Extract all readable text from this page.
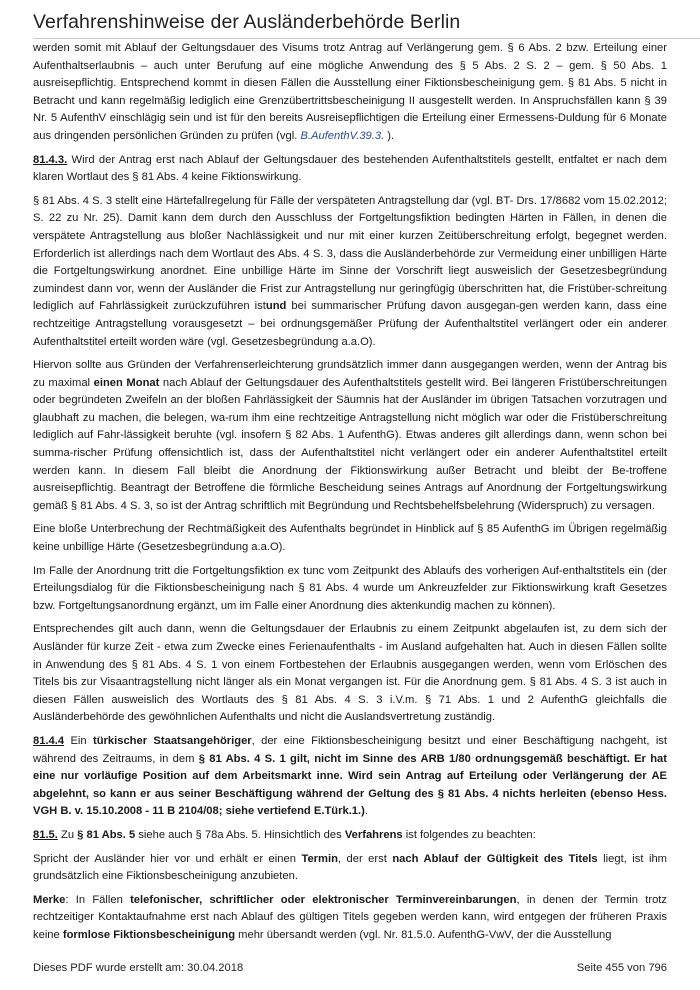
Verfahrenshinweise der Ausländerbehörde Berlin

werden somit mit Ablauf der Geltungsdauer des Visums trotz Antrag auf Verlängerung gem. § 6 Abs. 2 bzw. Erteilung einer Aufenthaltserlaubnis – auch unter Berufung auf eine mögliche Anwendung des § 5 Abs. 2 S. 2 – gem. § 50 Abs. 1 ausreisepflichtig. Entsprechend kommt in diesen Fällen die Ausstellung einer Fiktionsbescheinigung gem. § 81 Abs. 5 nicht in Betracht und kann regelmäßig lediglich eine Grenzübertrittsbescheinigung II ausgestellt werden. In Anspruchsfällen kann § 39 Nr. 5 AufenthV einschlägig sein und ist für den bereits Ausreisepflichtigen die Erteilung einer Ermessens-Duldung für 6 Monate aus dringenden persönlichen Gründen zu prüfen (vgl. B.AufenthV.39.3. ).

81.4.3. Wird der Antrag erst nach Ablauf der Geltungsdauer des bestehenden Aufenthaltstitels gestellt, entfaltet er nach dem klaren Wortlaut des § 81 Abs. 4 keine Fiktionswirkung.

§ 81 Abs. 4 S. 3 stellt eine Härtefallregelung für Fälle der verspäteten Antragstellung dar (vgl. BT- Drs. 17/8682 vom 15.02.2012; S. 22 zu Nr. 25). Damit kann dem durch den Ausschluss der Fortgeltungsfiktion bedingten Härten in Fällen, in denen die verspätete Antragstellung aus bloßer Nachlässigkeit und nur mit einer kurzen Zeitüberschreitung erfolgt, begegnet werden. Erforderlich ist allerdings nach dem Wortlaut des Abs. 4 S. 3, dass die Ausländerbehörde zur Vermeidung einer unbilligen Härte die Fortgeltungswirkung anordnet. Eine unbillige Härte im Sinne der Vorschrift liegt ausweislich der Gesetzesbegründung zumindest dann vor, wenn der Ausländer die Frist zur Antragstellung nur geringfügig überschritten hat, die Fristüber-schreitung lediglich auf Fahrlässigkeit zurückzuführen istund bei summarischer Prüfung davon ausgegan-gen werden kann, dass eine rechtzeitige Antragstellung vorausgesetzt – bei ordnungsgemäßer Prüfung der Aufenthaltstitel verlängert oder ein anderer Aufenthaltstitel erteilt worden wäre (vgl. Gesetzesbegründung a.a.O).

Hiervon sollte aus Gründen der Verfahrenserleichterung grundsätzlich immer dann ausgegangen werden, wenn der Antrag bis zu maximal einen Monat nach Ablauf der Geltungsdauer des Aufenthaltstitels gestellt wird. Bei längeren Fristüberschreitungen oder begründeten Zweifeln an der bloßen Fahrlässigkeit der Säumnis hat der Ausländer im übrigen Tatsachen vorzutragen und glaubhaft zu machen, die belegen, wa-rum ihm eine rechtzeitige Antragstellung nicht möglich war oder die Fristüberschreitung lediglich auf Fahr-lässigkeit beruhte (vgl. insofern § 82 Abs. 1 AufenthG). Etwas anderes gilt allerdings dann, wenn schon bei summa-rischer Prüfung offensichtlich ist, dass der Aufenthaltstitel nicht verlängert oder ein anderer Aufenthaltstitel erteilt werden kann. In diesem Fall bleibt die Anordnung der Fiktionswirkung außer Betracht und bleibt der Be-troffene ausreisepflichtig. Beantragt der Betroffene die förmliche Bescheidung seines Antrags auf Anordnung der Fortgeltungswirkung gemäß § 81 Abs. 4 S. 3, so ist der Antrag schriftlich mit Begründung und Rechtsbehelfsbelehrung (Widerspruch) zu versagen.

Eine bloße Unterbrechung der Rechtmäßigkeit des Aufenthalts begründet in Hinblick auf § 85 AufenthG im Übrigen regelmäßig keine unbillige Härte (Gesetzesbegründung a.a.O).

Im Falle der Anordnung tritt die Fortgeltungsfiktion ex tunc vom Zeitpunkt des Ablaufs des vorherigen Auf-enthaltstitels ein (der Erteilungsdialog für die Fiktionsbescheinigung nach § 81 Abs. 4 wurde um Ankreuzfelder zur Fiktionswirkung kraft Gesetzes bzw. Fortgeltungsanordnung ergänzt, um im Falle einer Anordnung dies aktenkundig machen zu können).

Entsprechendes gilt auch dann, wenn die Geltungsdauer der Erlaubnis zu einem Zeitpunkt abgelaufen ist, zu dem sich der Ausländer für kurze Zeit - etwa zum Zwecke eines Ferienaufenthalts - im Ausland aufgehalten hat. Auch in diesen Fällen sollte in Anwendung des § 81 Abs. 4 S. 1 von einem Fortbestehen der Erlaubnis ausgegangen werden, wenn vom Erlöschen des Titels bis zur Visaantragstellung nicht länger als ein Monat vergangen ist. Für die Anordnung gem. § 81 Abs. 4 S. 3 ist auch in diesen Fällen ausweislich des Wortlauts des § 81 Abs. 4 S. 3 i.V.m. § 71 Abs. 1 und 2 AufenthG gleichfalls die Ausländerbehörde des gewöhnlichen Aufenthalts und nicht die Auslandsvertretung zuständig.

81.4.4 Ein türkischer Staatsangehöriger, der eine Fiktionsbescheinigung besitzt und einer Beschäftigung nachgeht, ist während des Zeitraums, in dem § 81 Abs. 4 S. 1 gilt, nicht im Sinne des ARB 1/80 ordnungsgemäß beschäftigt. Er hat eine nur vorläufige Position auf dem Arbeitsmarkt inne. Wird sein Antrag auf Erteilung oder Verlängerung der AE abgelehnt, so kann er aus seiner Beschäftigung während der Geltung des § 81 Abs. 4 nichts herleiten (ebenso Hess. VGH B. v. 15.10.2008 - 11 B 2104/08; siehe vertiefend E.Türk.1.).

81.5. Zu § 81 Abs. 5 siehe auch § 78a Abs. 5. Hinsichtlich des Verfahrens ist folgendes zu beachten:

Spricht der Ausländer hier vor und erhält er einen Termin, der erst nach Ablauf der Gültigkeit des Titels liegt, ist ihm grundsätzlich eine Fiktionsbescheinigung anzubieten.

Merke: In Fällen telefonischer, schriftlicher oder elektronischer Terminvereinbarungen, in denen der Termin trotz rechtzeitiger Kontaktaufnahme erst nach Ablauf des gültigen Titels gegeben werden kann, wird entgegen der früheren Praxis keine formlose Fiktionsbescheinigung mehr übersandt werden (vgl. Nr. 81.5.0. AufenthG-VwV, der die Ausstellung

Dieses PDF wurde erstellt am: 30.04.2018	Seite 455 von 796
